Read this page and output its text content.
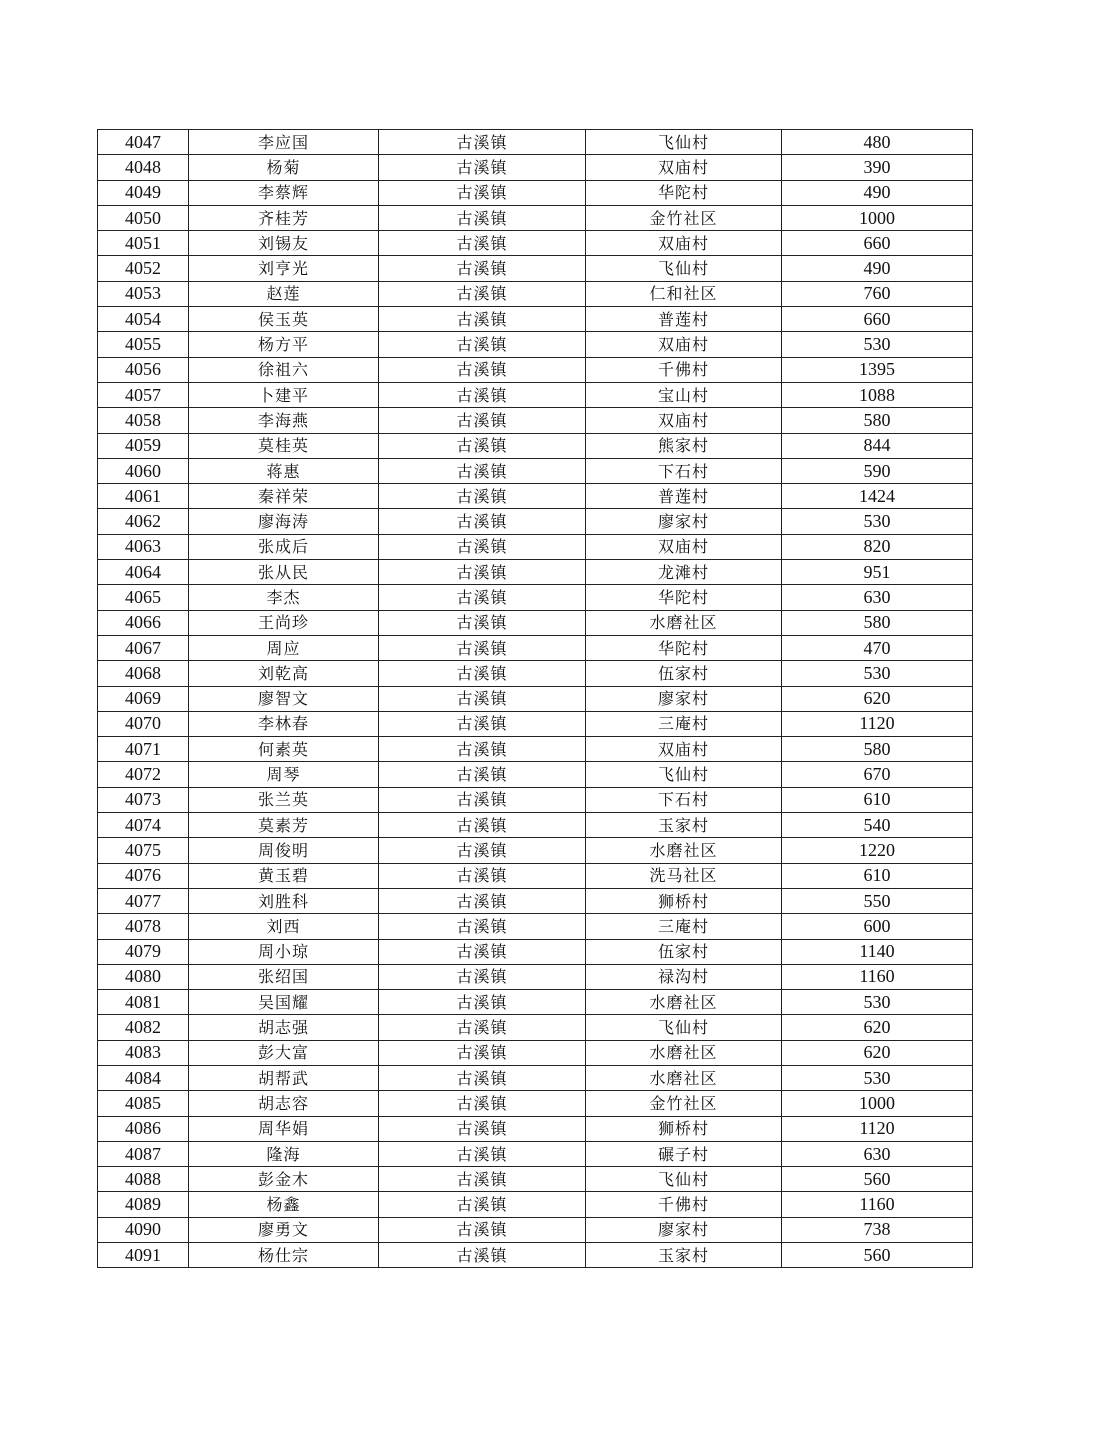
4047	李应国	古溪镇	飞仙村	480
4048	杨菊	古溪镇	双庙村	390
4049	李蔡辉	古溪镇	华陀村	490
4050	齐桂芳	古溪镇	金竹社区	1000
4051	刘锡友	古溪镇	双庙村	660
4052	刘亨光	古溪镇	飞仙村	490
4053	赵莲	古溪镇	仁和社区	760
4054	侯玉英	古溪镇	普莲村	660
4055	杨方平	古溪镇	双庙村	530
4056	徐祖六	古溪镇	千佛村	1395
4057	卜建平	古溪镇	宝山村	1088
4058	李海燕	古溪镇	双庙村	580
4059	莫桂英	古溪镇	熊家村	844
4060	蒋惠	古溪镇	下石村	590
4061	秦祥荣	古溪镇	普莲村	1424
4062	廖海涛	古溪镇	廖家村	530
4063	张成后	古溪镇	双庙村	820
4064	张从民	古溪镇	龙滩村	951
4065	李杰	古溪镇	华陀村	630
4066	王尚珍	古溪镇	水磨社区	580
4067	周应	古溪镇	华陀村	470
4068	刘乾高	古溪镇	伍家村	530
4069	廖智文	古溪镇	廖家村	620
4070	李林春	古溪镇	三庵村	1120
4071	何素英	古溪镇	双庙村	580
4072	周琴	古溪镇	飞仙村	670
4073	张兰英	古溪镇	下石村	610
4074	莫素芳	古溪镇	玉家村	540
4075	周俊明	古溪镇	水磨社区	1220
4076	黄玉碧	古溪镇	洗马社区	610
4077	刘胜科	古溪镇	狮桥村	550
4078	刘西	古溪镇	三庵村	600
4079	周小琼	古溪镇	伍家村	1140
4080	张绍国	古溪镇	禄沟村	1160
4081	吴国耀	古溪镇	水磨社区	530
4082	胡志强	古溪镇	飞仙村	620
4083	彭大富	古溪镇	水磨社区	620
4084	胡帮武	古溪镇	水磨社区	530
4085	胡志容	古溪镇	金竹社区	1000
4086	周华娟	古溪镇	狮桥村	1120
4087	隆海	古溪镇	碾子村	630
4088	彭金木	古溪镇	飞仙村	560
4089	杨鑫	古溪镇	千佛村	1160
4090	廖勇文	古溪镇	廖家村	738
4091	杨仕宗	古溪镇	玉家村	560
